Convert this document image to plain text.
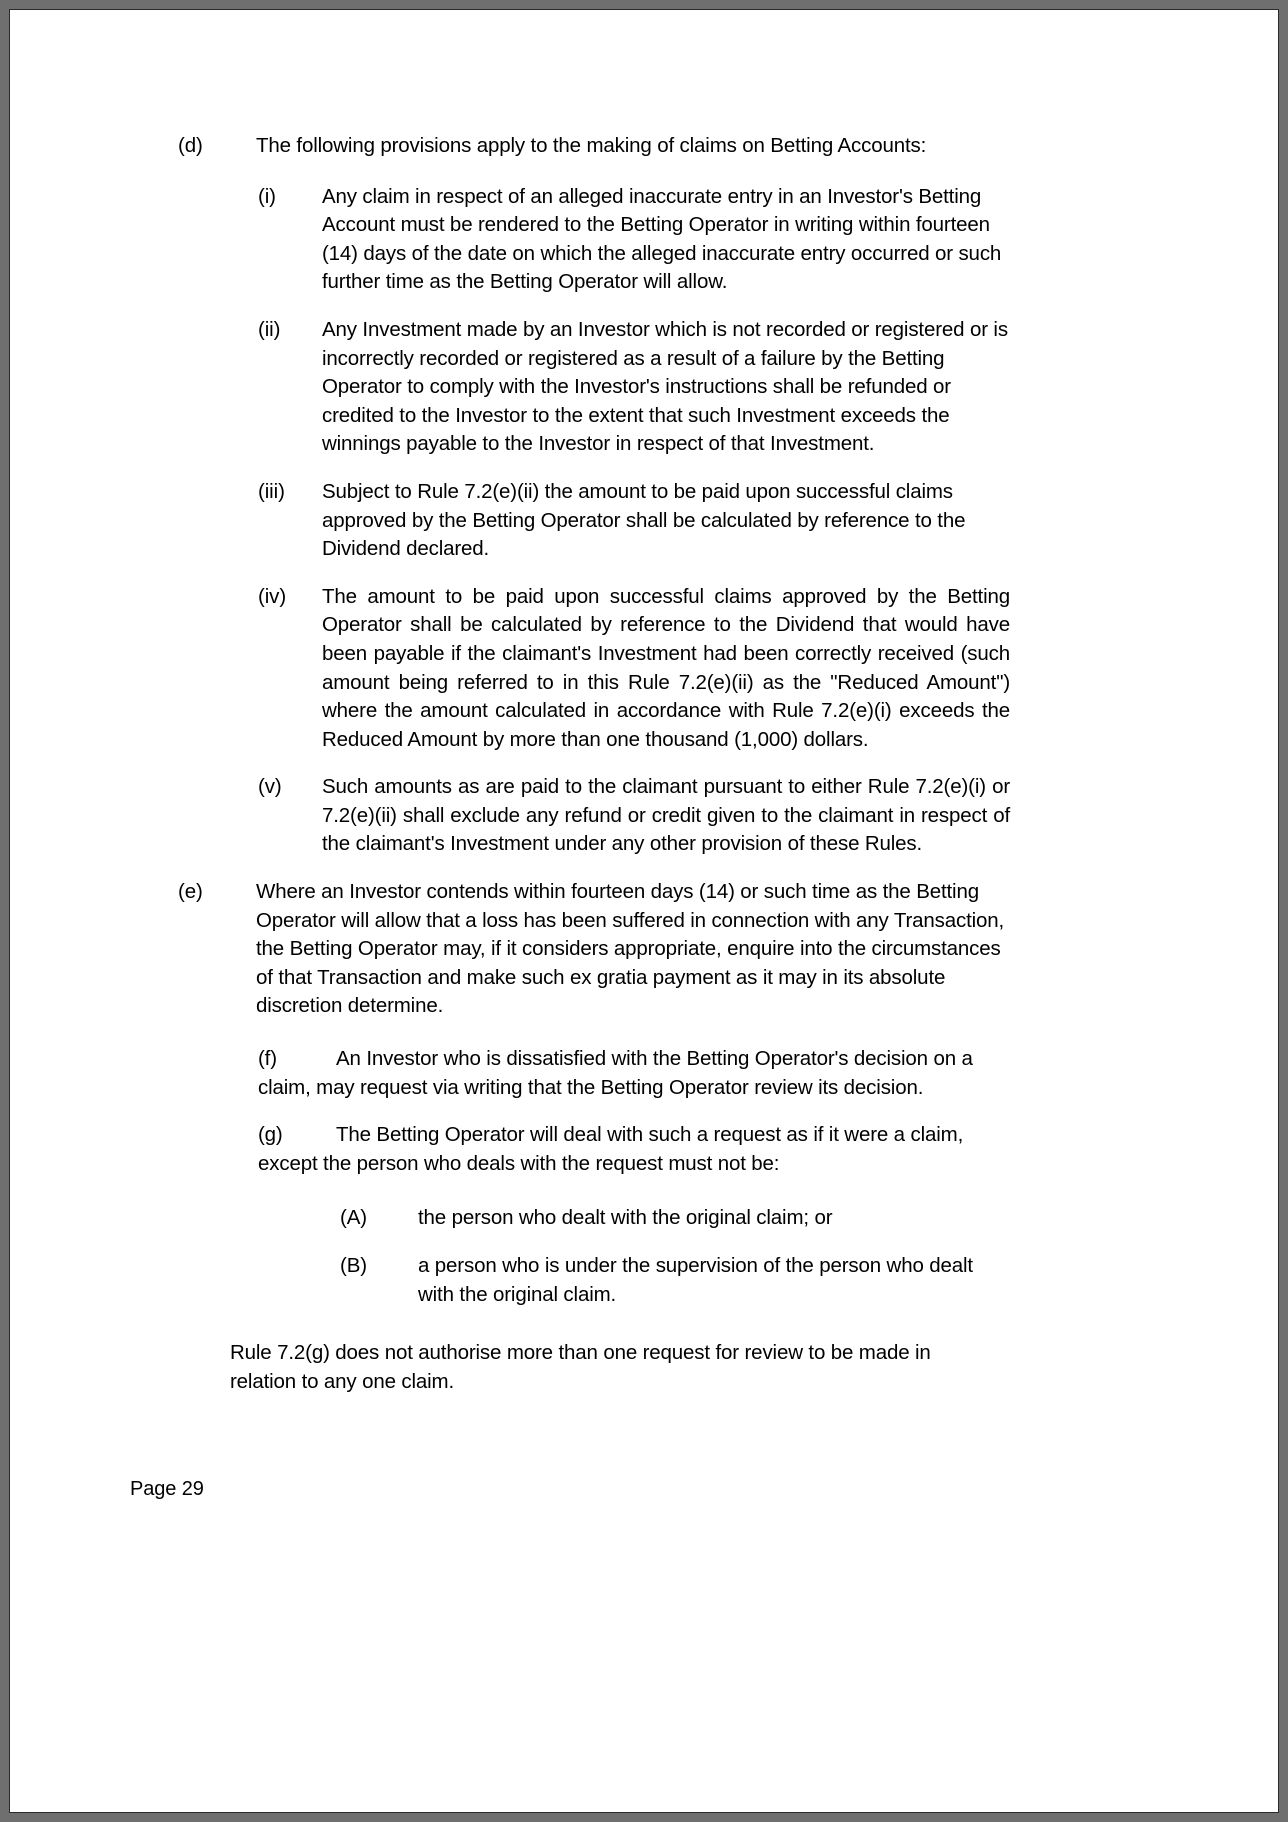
(d)	The following provisions apply to the making of claims on Betting Accounts:
(i)	Any claim in respect of an alleged inaccurate entry in an Investor's Betting Account must be rendered to the Betting Operator in writing within fourteen (14) days of the date on which the alleged inaccurate entry occurred or such further time as the Betting Operator will allow.
(ii)	Any Investment made by an Investor which is not recorded or registered or is incorrectly recorded or registered as a result of a failure by the Betting Operator to comply with the Investor's instructions shall be refunded or credited to the Investor to the extent that such Investment exceeds the winnings payable to the Investor in respect of that Investment.
(iii)	Subject to Rule 7.2(e)(ii) the amount to be paid upon successful claims approved by the Betting Operator shall be calculated by reference to the Dividend declared.
(iv)	The amount to be paid upon successful claims approved by the Betting Operator shall be calculated by reference to the Dividend that would have been payable if the claimant's Investment had been correctly received (such amount being referred to in this Rule 7.2(e)(ii) as the "Reduced Amount") where the amount calculated in accordance with Rule 7.2(e)(i) exceeds the Reduced Amount by more than one thousand (1,000) dollars.
(v)	Such amounts as are paid to the claimant pursuant to either Rule 7.2(e)(i) or 7.2(e)(ii) shall exclude any refund or credit given to the claimant in respect of the claimant's Investment under any other provision of these Rules.
(e)	Where an Investor contends within fourteen days (14) or such time as the Betting Operator will allow that a loss has been suffered in connection with any Transaction, the Betting Operator may, if it considers appropriate, enquire into the circumstances of that Transaction and make such ex gratia payment as it may in its absolute discretion determine.
(f)	An Investor who is dissatisfied with the Betting Operator's decision on a claim, may request via writing that the Betting Operator review its decision.
(g)	The Betting Operator will deal with such a request as if it were a claim, except the person who deals with the request must not be:
(A)	the person who dealt with the original claim; or
(B)	a person who is under the supervision of the person who dealt with the original claim.
Rule 7.2(g) does not authorise more than one request for review to be made in relation to any one claim.
Page 29
